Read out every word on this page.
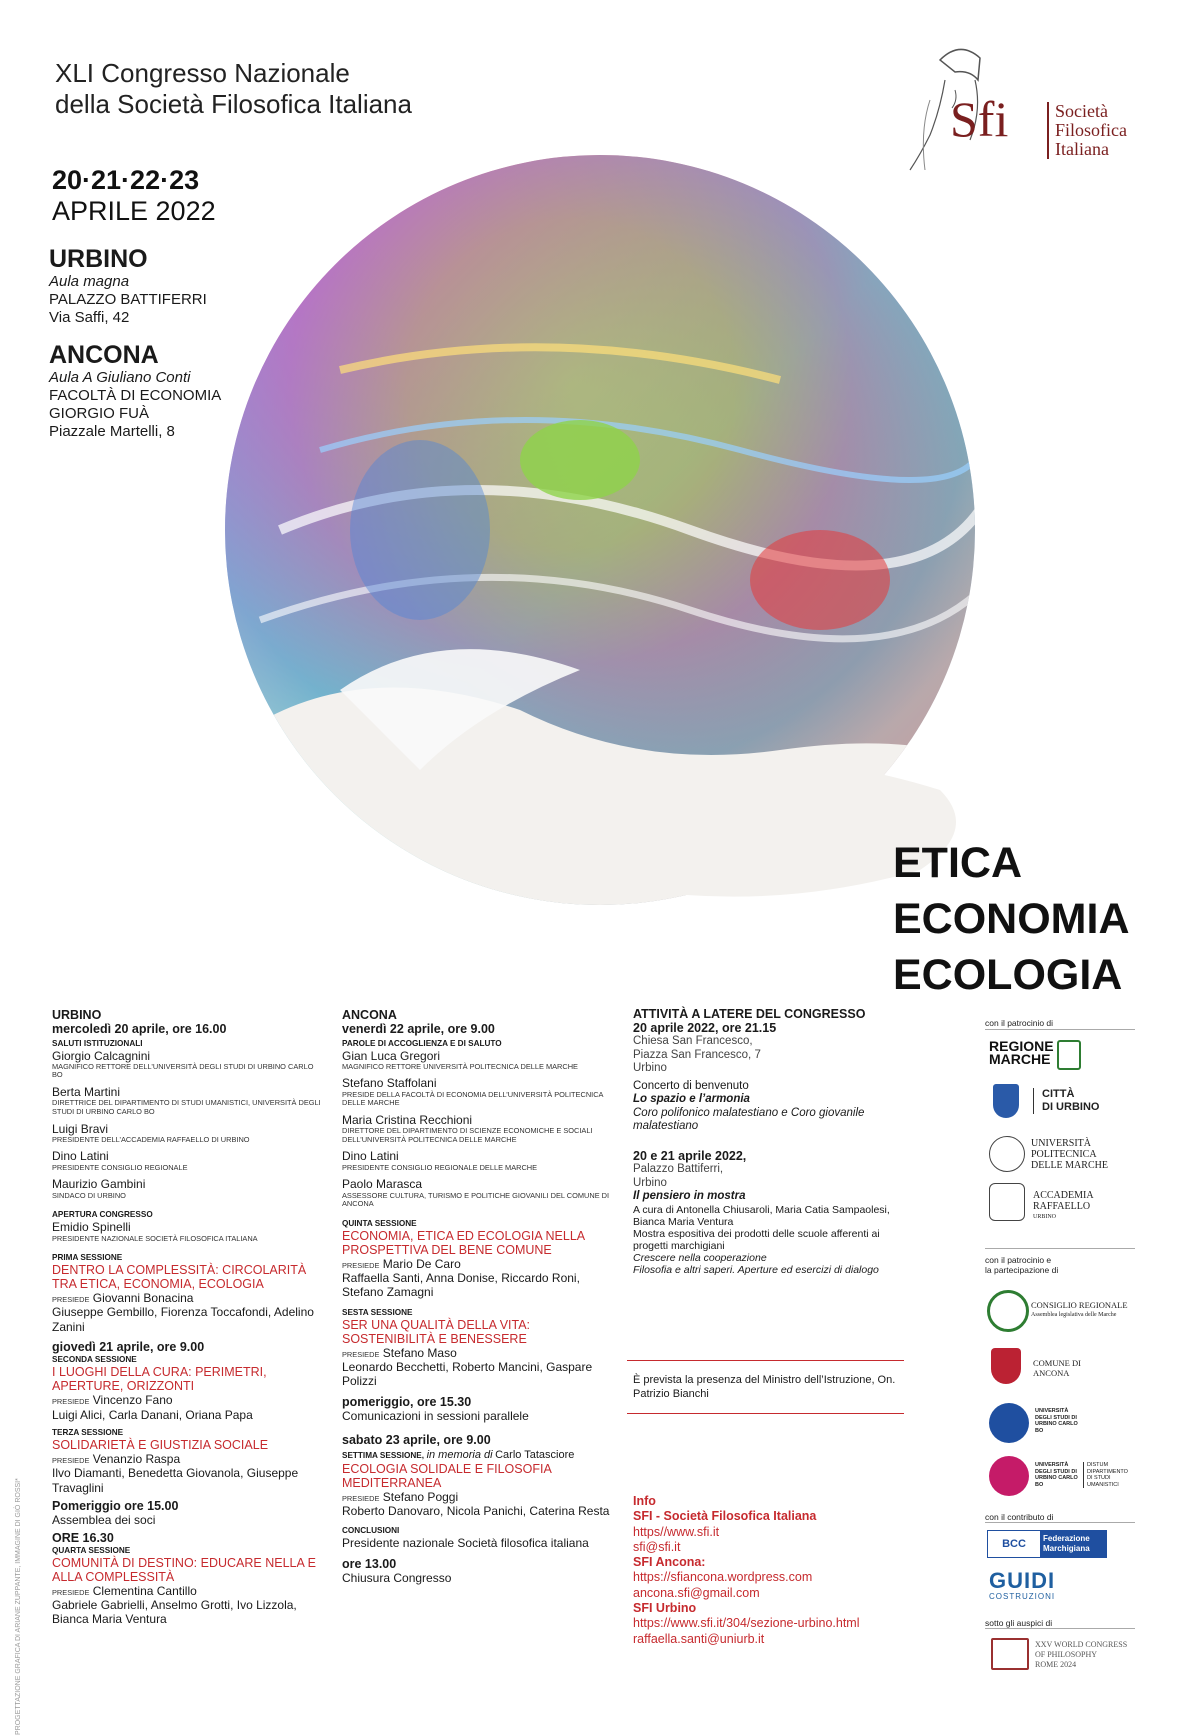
XLI Congresso Nazionale
della Società Filosofica Italiana
20·21·22·23
APRILE 2022
Sfi	Società
Filosofica
Italiana
URBINO
Aula magna
PALAZZO BATTIFERRI
Via Saffi, 42
ANCONA
Aula A Giuliano Conti
FACOLTÀ DI ECONOMIA
GIORGIO FUÀ
Piazzale Martelli, 8
ETICA
ECONOMIA
ECOLOGIA
URBINO
mercoledì 20 aprile, ore 16.00
SALUTI ISTITUZIONALI
Giorgio Calcagnini
MAGNIFICO RETTORE DELL’UNIVERSITÀ DEGLI STUDI DI URBINO CARLO BO
Berta Martini
DIRETTRICE DEL DIPARTIMENTO DI STUDI UMANISTICI, UNIVERSITÀ DEGLI STUDI DI URBINO CARLO BO
Luigi Bravi
PRESIDENTE DELL’ACCADEMIA RAFFAELLO DI URBINO
Dino Latini
PRESIDENTE CONSIGLIO REGIONALE
Maurizio Gambini
SINDACO DI URBINO
APERTURA CONGRESSO
Emidio Spinelli
PRESIDENTE NAZIONALE SOCIETÀ FILOSOFICA ITALIANA
PRIMA SESSIONE
DENTRO LA COMPLESSITÀ: CIRCOLARITÀ TRA ETICA, ECONOMIA, ECOLOGIA
PRESIEDE Giovanni Bonacina
Giuseppe Gembillo, Fiorenza Toccafondi, Adelino Zanini
giovedì 21 aprile, ore 9.00
SECONDA SESSIONE
I LUOGHI DELLA CURA: PERIMETRI, APERTURE, ORIZZONTI
PRESIEDE Vincenzo Fano
Luigi Alici, Carla Danani, Oriana Papa
TERZA SESSIONE
SOLIDARIETÀ E GIUSTIZIA SOCIALE
PRESIEDE Venanzio Raspa
Ilvo Diamanti, Benedetta Giovanola, Giuseppe Travaglini
Pomeriggio ore 15.00
Assemblea dei soci
ORE 16.30
QUARTA SESSIONE
COMUNITÀ DI DESTINO: EDUCARE NELLA E ALLA COMPLESSITÀ
PRESIEDE Clementina Cantillo
Gabriele Gabrielli, Anselmo Grotti, Ivo Lizzola, Bianca Maria Ventura
ANCONA
venerdì 22 aprile, ore 9.00
PAROLE DI ACCOGLIENZA E DI SALUTO
Gian Luca Gregori
MAGNIFICO RETTORE UNIVERSITÀ POLITECNICA DELLE MARCHE
Stefano Staffolani
PRESIDE DELLA FACOLTÀ DI ECONOMIA DELL’UNIVERSITÀ POLITECNICA DELLE MARCHE
Maria Cristina Recchioni
DIRETTORE DEL DIPARTIMENTO DI SCIENZE ECONOMICHE E SOCIALI DELL’UNIVERSITÀ POLITECNICA DELLE MARCHE
Dino Latini
PRESIDENTE CONSIGLIO REGIONALE DELLE MARCHE
Paolo Marasca
ASSESSORE CULTURA, TURISMO E POLITICHE GIOVANILI DEL COMUNE DI ANCONA
QUINTA SESSIONE
ECONOMIA, ETICA ED ECOLOGIA NELLA PROSPETTIVA DEL BENE COMUNE
PRESIEDE Mario De Caro
Raffaella Santi, Anna Donise, Riccardo Roni, Stefano Zamagni
SESTA SESSIONE
SER UNA QUALITÀ DELLA VITA: SOSTENIBILITÀ E BENESSERE
PRESIEDE Stefano Maso
Leonardo Becchetti, Roberto Mancini, Gaspare Polizzi
pomeriggio, ore 15.30
Comunicazioni in sessioni parallele
sabato 23 aprile, ore 9.00
SETTIMA SESSIONE, in memoria di Carlo Tatasciore
ECOLOGIA SOLIDALE E FILOSOFIA MEDITERRANEA
PRESIEDE Stefano Poggi
Roberto Danovaro, Nicola Panichi, Caterina Resta
CONCLUSIONI
Presidente nazionale Società filosofica italiana
ore 13.00
Chiusura Congresso
ATTIVITÀ A LATERE DEL CONGRESSO
20 aprile 2022, ore 21.15
Chiesa San Francesco,
Piazza San Francesco, 7
Urbino
Concerto di benvenuto
Lo spazio e l’armonia
Coro polifonico malatestiano e Coro giovanile malatestiano
20 e 21 aprile 2022,
Palazzo Battiferri,
Urbino
Il pensiero in mostra
A cura di Antonella Chiusaroli, Maria Catia Sampaolesi, Bianca Maria Ventura
Mostra espositiva dei prodotti delle scuole afferenti ai progetti marchigiani
Crescere nella cooperazione
Filosofia e altri saperi. Aperture ed esercizi di dialogo
È prevista la presenza del Ministro dell’Istruzione, On. Patrizio Bianchi
Info
SFI - Società Filosofica Italiana
https//www.sfi.it
sfi@sfi.it
SFI Ancona:
https://sfiancona.wordpress.com
ancona.sfi@gmail.com
SFI Urbino
https://www.sfi.it/304/sezione-urbino.html
raffaella.santi@uniurb.it
con il patrocinio di
REGIONE
MARCHE
CITTÀ
DI URBINO
UNIVERSITÀ
POLITECNICA
DELLE MARCHE
ACCADEMIA
RAFFAELLO
URBINO
con il patrocinio e
la partecipazione di
CONSIGLIO REGIONALE
Assemblea legislativa delle Marche
COMUNE DI
ANCONA
UNIVERSITÀ DEGLI STUDI DI URBINO CARLO BO
UNIVERSITÀ DEGLI STUDI DI URBINO CARLO BO
DISTUM DIPARTIMENTO DI STUDI UMANISTICI
con il contributo di
BCC	Federazione
Marchigiana
GUIDI
COSTRUZIONI
sotto gli auspici di
XXV WORLD CONGRESS
OF PHILOSOPHY
ROME 2024
PROGETTAZIONE GRAFICA DI ARIANE ZUPPANTE, IMMAGINE DI GIÒ ROSSI*
